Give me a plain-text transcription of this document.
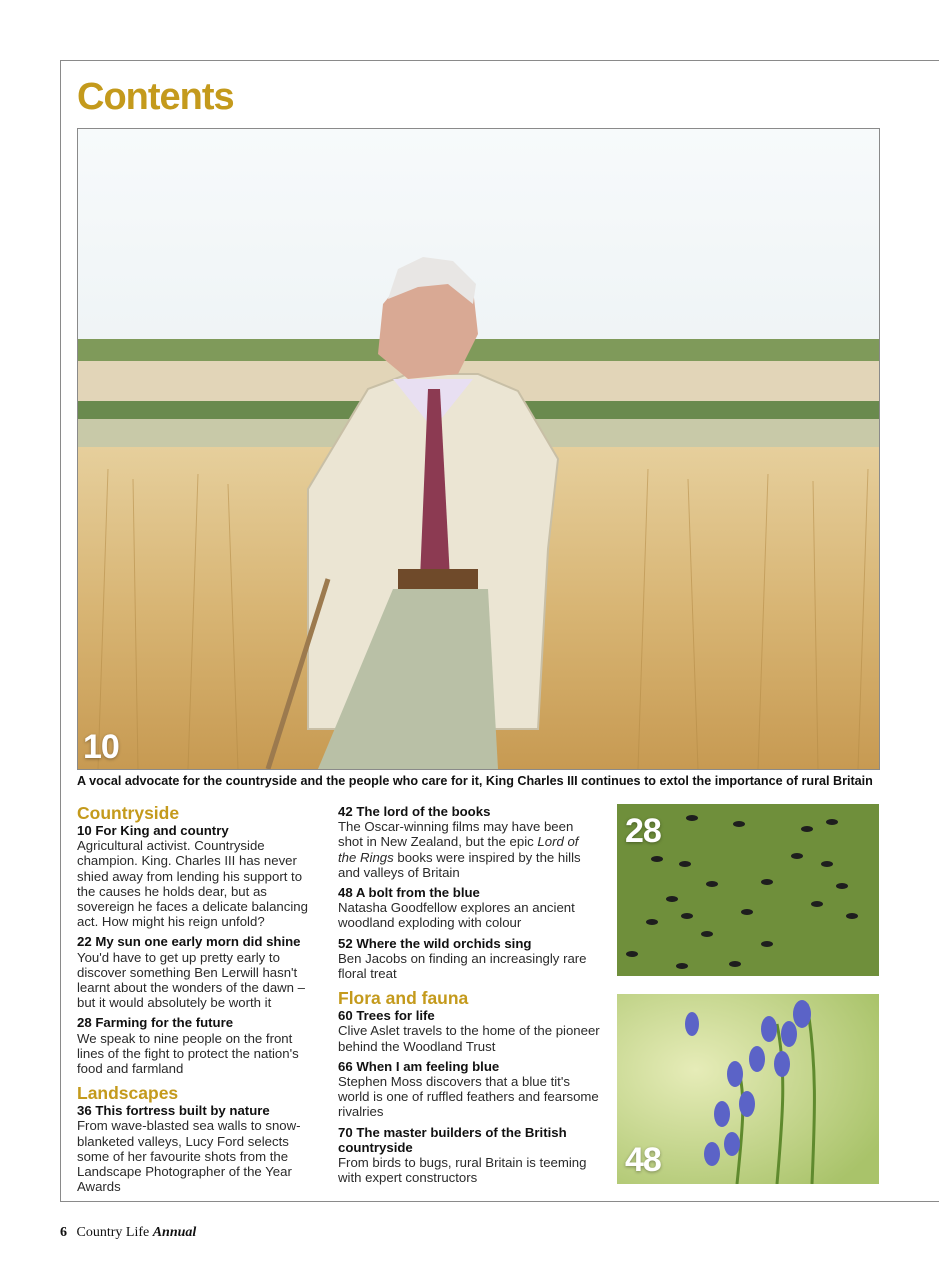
Contents
10

A vocal advocate for the countryside and the people who care for it, King Charles III continues to extol the importance of rural Britain

Countryside
10 For King and country
Agricultural activist. Countryside champion. King. Charles III has never shied away from lending his support to the causes he holds dear, but as sovereign he faces a delicate balancing act. How might his reign unfold?
22 My sun one early morn did shine
You'd have to get up pretty early to discover something Ben Lerwill hasn't learnt about the wonders of the dawn – but it would absolutely be worth it
28 Farming for the future
We speak to nine people on the front lines of the fight to protect the nation's food and farmland
Landscapes
36 This fortress built by nature
From wave-blasted sea walls to snow-blanketed valleys, Lucy Ford selects some of her favourite shots from the Landscape Photographer of the Year Awards
42 The lord of the books
The Oscar-winning films may have been shot in New Zealand, but the epic Lord of the Rings books were inspired by the hills and valleys of Britain
48 A bolt from the blue
Natasha Goodfellow explores an ancient woodland exploding with colour
52 Where the wild orchids sing
Ben Jacobs on finding an increasingly rare floral treat
Flora and fauna
60 Trees for life
Clive Aslet travels to the home of the pioneer behind the Woodland Trust
66 When I am feeling blue
Stephen Moss discovers that a blue tit's world is one of ruffled feathers and fearsome rivalries
70 The master builders of the British countryside
From birds to bugs, rural Britain is teeming with expert constructors
28
48
6 Country Life Annual
